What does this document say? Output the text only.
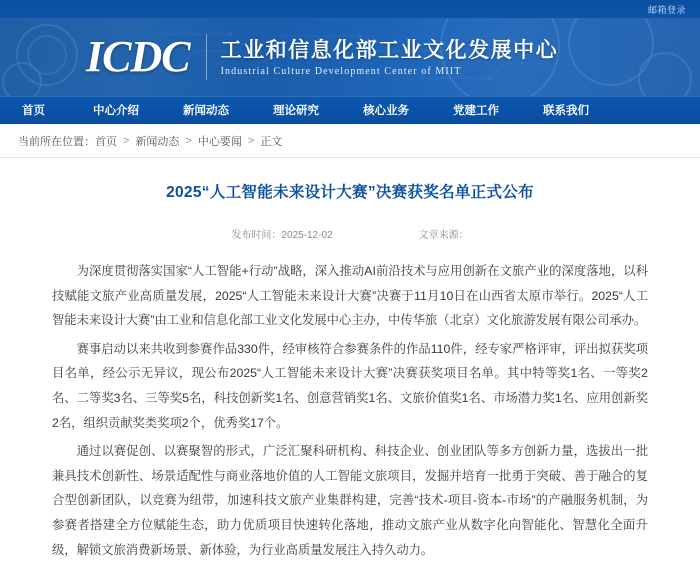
邮箱登录
ICDC 工业和信息化部工业文化发展中心
Industrial Culture Development Center of MIIT
首页	中心介绍	新闻动态	理论研究	核心业务	党建工作	联系我们
当前所在位置： 首页 > 新闻动态 > 中心要闻 > 正文
2025“人工智能未来设计大赛”决赛获奖名单正式公布
发布时间：2025-12-02	文章来源：

为深度贯彻落实国家“人工智能+行动”战略，深入推动AI前沿技术与应用创新在文旅产业的深度落地，以科技赋能文旅产业高质量发展，2025“人工智能未来设计大赛”决赛于11月10日在山西省太原市举行。2025“人工智能未来设计大赛”由工业和信息化部工业文化发展中心主办，中传华旅（北京）文化旅游发展有限公司承办。

赛事启动以来共收到参赛作品330件，经审核符合参赛条件的作品110件，经专家严格评审，评出拟获奖项目名单，经公示无异议，现公布2025“人工智能未来设计大赛”决赛获奖项目名单。其中特等奖1名、一等奖2名、二等奖3名、三等奖5名，科技创新奖1名、创意营销奖1名、文旅价值奖1名、市场潜力奖1名、应用创新奖2名，组织贡献奖类奖项2个，优秀奖17个。

通过以赛促创、以赛聚智的形式，广泛汇聚科研机构、科技企业、创业团队等多方创新力量，选拔出一批兼具技术创新性、场景适配性与商业落地价值的人工智能文旅项目，发掘并培育一批勇于突破、善于融合的复合型创新团队，以竞赛为纽带，加速科技文旅产业集群构建，完善“技术-项目-资本-市场”的产融服务机制，为参赛者搭建全方位赋能生态，助力优质项目快速转化落地，推动文旅产业从数字化向智能化、智慧化全面升级，解锁文旅消费新场景、新体验，为行业高质量发展注入持久动力。
